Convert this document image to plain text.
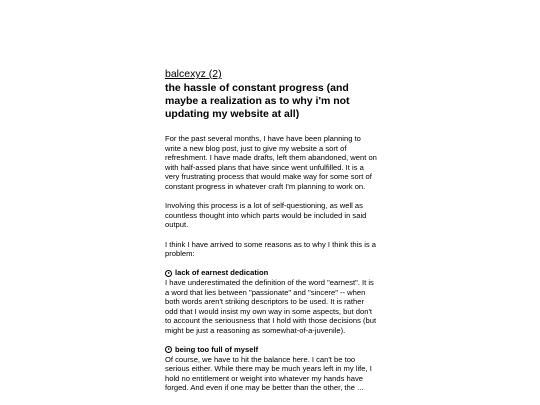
balcexyz (2)
the hassle of constant progress (and maybe a realization as to why i'm not updating my website at all)

For the past several months, I have have been planning to write a new blog post, just to give my website a sort of refreshment. I have made drafts, left them abandoned, went on with half-assed plans that have since went unfulfilled. It is a very frustrating process that would make way for some sort of constant progress in whatever craft I'm planning to work on.

Involving this process is a lot of self-questioning, as well as countless thought into which parts would be included in said output.

I think I have arrived to some reasons as to why I think this is a problem:

lack of earnest dedication

I have underestimated the definition of the word "earnest". It is a word that lies between "passionate" and "sincere" -- when both words aren't striking descriptors to be used. It is rather odd that I would insist my own way in some aspects, but don't to account the seriousness that I hold with those decisions (but might be just a reasoning as somewhat-of-a-juvenile).

being too full of myself

Of course, we have to hit the balance here. I can't be too serious either. While there may be much years left in my life, I hold no entitlement or weight into whatever my hands have forged. And even if one may be better than the other, the ...
